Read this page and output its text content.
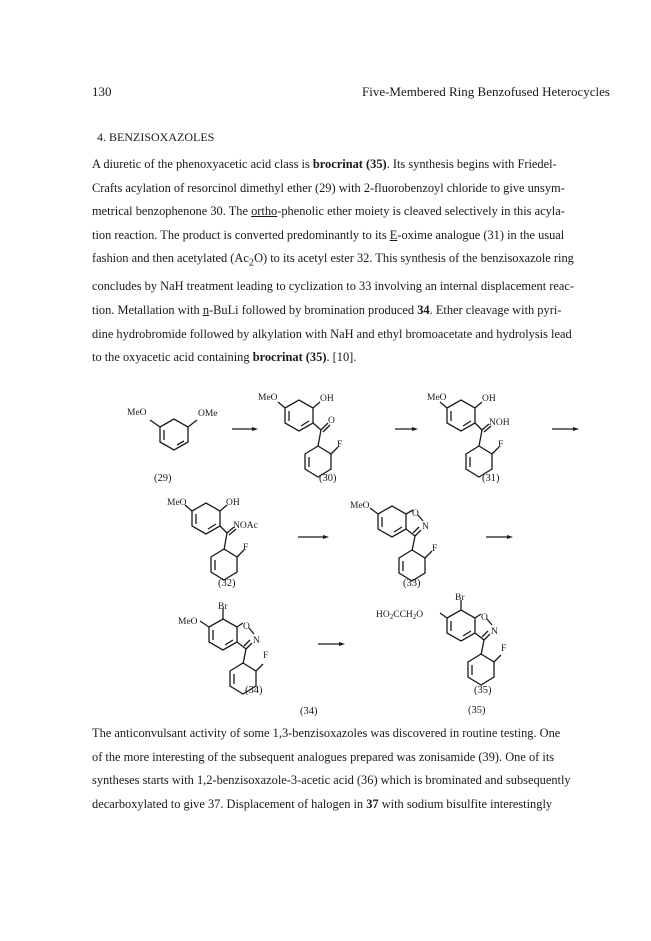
130	Five-Membered Ring Benzofused Heterocycles
4. BENZISOXAZOLES
A diuretic of the phenoxyacetic acid class is brocrinat (35). Its synthesis begins with Friedel-
Crafts acylation of resorcinol dimethyl ether (29) with 2-fluorobenzoyl chloride to give unsym-
metrical benzophenone 30. The ortho-phenolic ether moiety is cleaved selectively in this acyla-
tion reaction. The product is converted predominantly to its E-oxime analogue (31) in the usual
fashion and then acetylated $(Ac_2O)$ to its acetyl ester 32. This synthesis of the benzisoxazole ring
concludes by NaH treatment leading to cyclization to 33 involving an internal displacement reac-
tion. Metallation with n-BuLi followed by bromination produced 34. Ether cleavage with pyri-
dine hydrobromide followed by alkylation with NaH and ethyl bromoacetate and hydrolysis lead
to the oxyacetic acid containing brocrinat (35). [10].
MeO	OMe
(29)
MeO	OH
O
F
(30)
MeO	OH
NOH
F
(31)
MeO	OH
NOAc
F
(32)
MeO
O
N
F
(33)
Br
MeO	O
N
F
(34)
Br
$HO_2CCH_2O$	O
N
F
(35)
(34)	(35)
The anticonvulsant activity of some 1,3-benzisoxazoles was discovered in routine testing. One
of the more interesting of the subsequent analogues prepared was zonisamide (39). One of its
syntheses starts with 1,2-benzisoxazole-3-acetic acid (36) which is brominated and subsequently
decarboxylated to give 37. Displacement of halogen in 37 with sodium bisulfite interestingly
